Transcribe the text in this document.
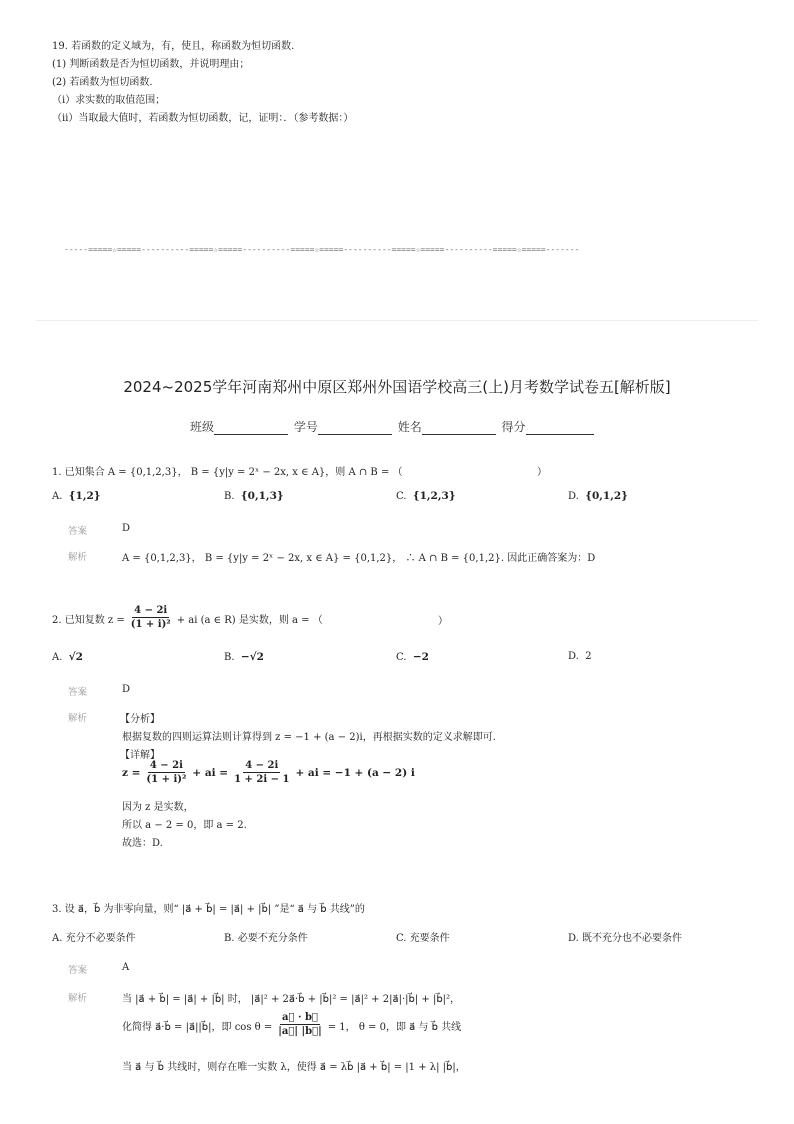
19. 若函数的定义域为，有，使且，称函数为恒切函数.
(1) 判断函数是否为恒切函数，并说明理由；
(2) 若函数为恒切函数.
（ⅰ）求实数的取值范围；
（ⅱ）当取最大值时，若函数为恒切函数，记，证明：．（参考数据：）
-----=====☆=====----------=====☆=====----------=====☆=====----------=====☆=====----------=====☆=====-------
2024~2025学年河南郑州中原区郑州外国语学校高三(上)月考数学试卷五[解析版]
班级	学号	姓名	得分
1. 已知集合 A = {0,1,2,3}， B = {y|y = 2ˣ − 2x, x ∈ A}，则 A ∩ B = （	）
A. {1,2}	B. {0,1,3}	C. {1,2,3}	D. {0,1,2}
答案	D
解析	A = {0,1,2,3}， B = {y|y = 2ˣ − 2x, x ∈ A} = {0,1,2}， ∴ A ∩ B = {0,1,2}. 因此正确答案为：D
2. 已知复数 $z = \frac{4 - 2i}{\text{(1 + i)²}}$ + ai (a ∈ R) 是实数，则 a = （	）
A. √2	B. −√2	C. −2	D. 2
答案	D
解析	【分析】
根据复数的四则运算法则计算得到 z = −1 + (a − 2)i，再根据实数的定义求解即可.
【详解】
$z = \frac{4 - 2i}{\text{(1 + i)²}}$ + ai = $\frac{4 - 2i}{1 + 2i - 1}$ + ai = −1 + (a − 2) i
因为 z 是实数，
所以 a − 2 = 0，即 a = 2.
故选：D.
3. 设 a⃗，b⃗ 为非零向量，则“ |a⃗ + b⃗| = |a⃗| + |b⃗| ”是“ a⃗ 与 b⃗ 共线”的
A. 充分不必要条件	B. 必要不充分条件	C. 充要条件	D. 既不充分也不必要条件
答案	A
解析	当 |a⃗ + b⃗| = |a⃗| + |b⃗| 时， |a⃗|² + 2a⃗·b⃗ + |b⃗|² = |a⃗|² + 2|a⃗|·|b⃗| + |b⃗|²，
化简得 a⃗·b⃗ = |a⃗||b⃗|，即 $\cos \theta = \frac{a⃗ \cdot b⃗}{|a⃗| |b⃗|} = 1$， θ = 0，即 a⃗ 与 b⃗ 共线
当 a⃗ 与 b⃗ 共线时，则存在唯一实数 λ，使得 a⃗ = λb⃗ |a⃗ + b⃗| = |1 + λ| |b⃗|，
